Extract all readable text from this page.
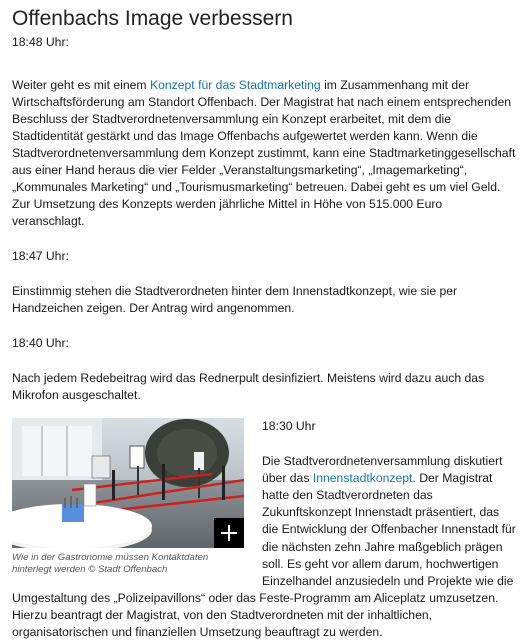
Offenbachs Image verbessern

18:48 Uhr:

Weiter geht es mit einem Konzept für das Stadtmarketing im Zusammenhang mit der Wirtschaftsförderung am Standort Offenbach. Der Magistrat hat nach einem entsprechenden Beschluss der Stadtverordnetenversammlung ein Konzept erarbeitet, mit dem die Stadtidentität gestärkt und das Image Offenbachs aufgewertet werden kann. Wenn die Stadtverordnetenversammlung dem Konzept zustimmt, kann eine Stadtmarketinggesellschaft aus einer Hand heraus die vier Felder „Veranstaltungsmarketing“, „Imagemarketing“, „Kommunales Marketing“ und „Tourismusmarketing“ betreuen. Dabei geht es um viel Geld. Zur Umsetzung des Konzepts werden jährliche Mittel in Höhe von 515.000 Euro veranschlagt.

18:47 Uhr:

Einstimmig stehen die Stadtverordneten hinter dem Innenstadtkonzept, wie sie per Handzeichen zeigen. Der Antrag wird angenommen.

18:40 Uhr:

Nach jedem Redebeitrag wird das Rednerpult desinfiziert. Meistens wird dazu auch das Mikrofon ausgeschaltet.

Wie in der Gastronomie müssen Kontaktdaten hinterlegt werden © Stadt Offenbach

18:30 Uhr

Die Stadtverordnetenversammlung diskutiert über das Innenstadtkonzept. Der Magistrat hatte den Stadtverordneten das Zukunftskonzept Innenstadt präsentiert, das die Entwicklung der Offenbacher Innenstadt für die nächsten zehn Jahre maßgeblich prägen soll. Es geht vor allem darum, hochwertigen Einzelhandel anzusiedeln und Projekte wie die Umgestaltung des „Polizeipavillons“ oder das Feste-Programm am Aliceplatz umzusetzen. Hierzu beantragt der Magistrat, von den Stadtverordneten mit der inhaltlichen, organisatorischen und finanziellen Umsetzung beauftragt zu werden.
